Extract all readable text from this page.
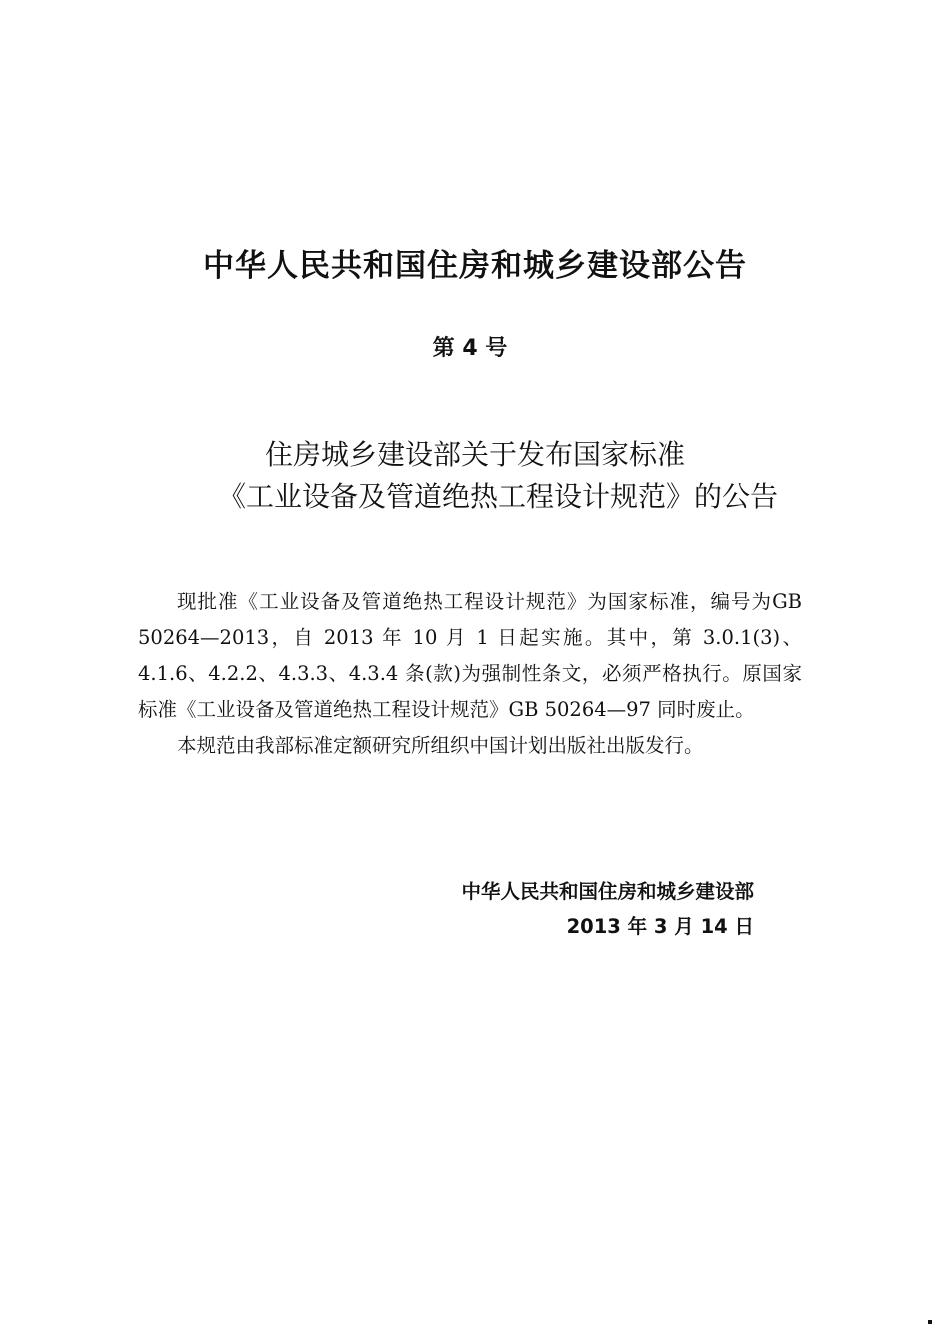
中华人民共和国住房和城乡建设部公告
第 4 号
住房城乡建设部关于发布国家标准
《工业设备及管道绝热工程设计规范》的公告

现批准《工业设备及管道绝热工程设计规范》为国家标准，编号为GB 50264—2013，自 2013 年 10 月 1 日起实施。其中，第 3.0.1(3)、4.1.6、4.2.2、4.3.3、4.3.4 条(款)为强制性条文，必须严格执行。原国家标准《工业设备及管道绝热工程设计规范》GB 50264—97 同时废止。

本规范由我部标准定额研究所组织中国计划出版社出版发行。

中华人民共和国住房和城乡建设部
2013 年 3 月 14 日
